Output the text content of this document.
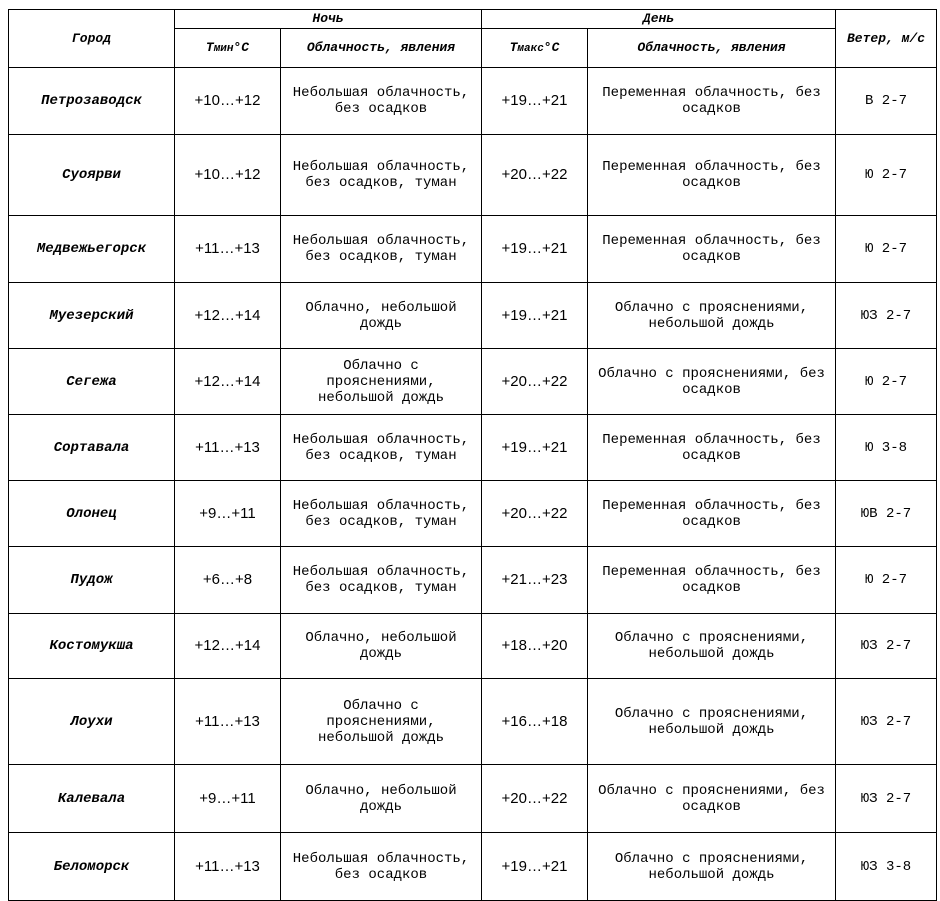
Город	Ночь		День		Ветер, м/с
	Тмин°С	Облачность, явления	Тмакс°С	Облачность, явления	
Петрозаводск	+10…+12	Небольшая облачность, без осадков	+19…+21	Переменная облачность, без осадков	В 2-7
Суоярви	+10…+12	Небольшая облачность, без осадков, туман	+20…+22	Переменная облачность, без осадков	Ю 2-7
Медвежьегорск	+11…+13	Небольшая облачность, без осадков, туман	+19…+21	Переменная облачность, без осадков	Ю 2-7
Муезерский	+12…+14	Облачно, небольшой дождь	+19…+21	Облачно с прояснениями, небольшой дождь	ЮЗ 2-7
Сегежа	+12…+14	Облачно с прояснениями, небольшой дождь	+20…+22	Облачно с прояснениями, без осадков	Ю 2-7
Сортавала	+11…+13	Небольшая облачность, без осадков, туман	+19…+21	Переменная облачность, без осадков	Ю 3-8
Олонец	+9…+11	Небольшая облачность, без осадков, туман	+20…+22	Переменная облачность, без осадков	ЮВ 2-7
Пудож	+6…+8	Небольшая облачность, без осадков, туман	+21…+23	Переменная облачность, без осадков	Ю 2-7
Костомукша	+12…+14	Облачно, небольшой дождь	+18…+20	Облачно с прояснениями, небольшой дождь	ЮЗ 2-7
Лоухи	+11…+13	Облачно с прояснениями, небольшой дождь	+16…+18	Облачно с прояснениями, небольшой дождь	ЮЗ 2-7
Калевала	+9…+11	Облачно, небольшой дождь	+20…+22	Облачно с прояснениями, без осадков	ЮЗ 2-7
Беломорск	+11…+13	Небольшая облачность, без осадков	+19…+21	Облачно с прояснениями, небольшой дождь	ЮЗ 3-8
